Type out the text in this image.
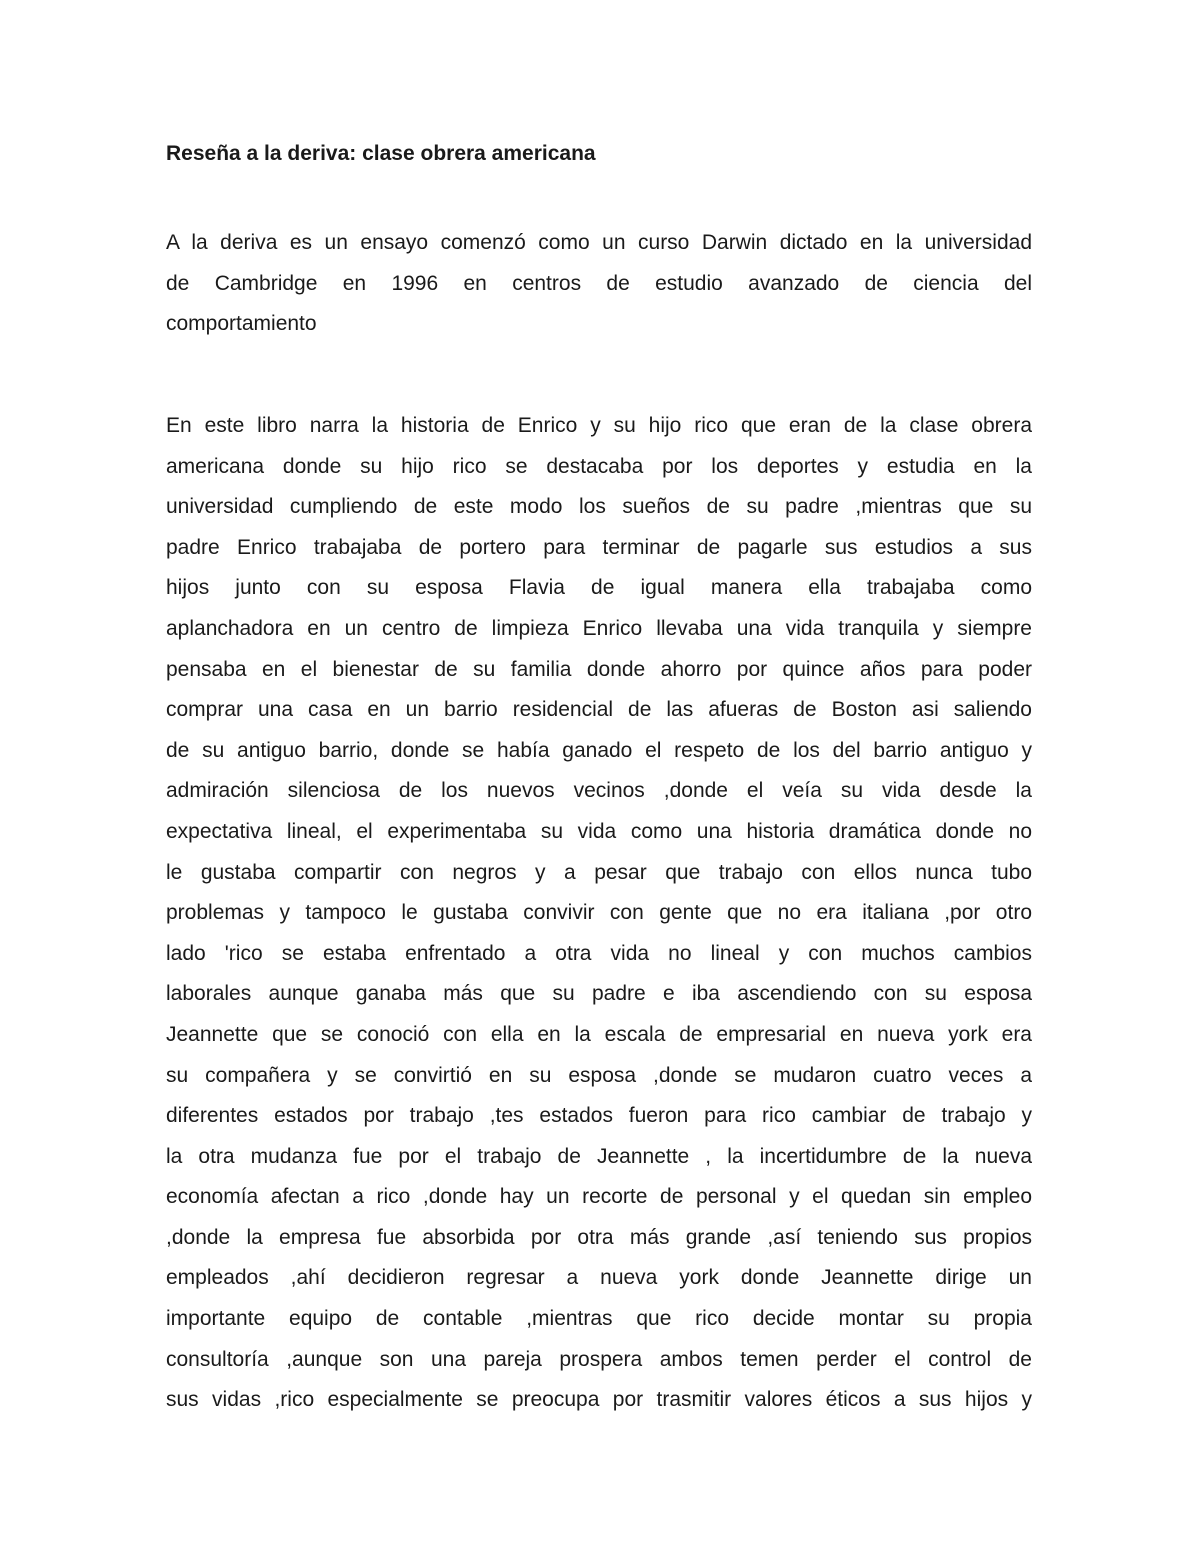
Reseña a la deriva: clase obrera americana
A la deriva es un ensayo comenzó como un curso Darwin dictado en la universidad
de Cambridge en 1996 en centros de estudio avanzado de ciencia del
comportamiento
En este libro narra la historia de Enrico y su hijo rico que eran de la clase obrera
americana donde su hijo rico se destacaba por los deportes y estudia en la
universidad cumpliendo de este modo los sueños de su padre ,mientras que su
padre Enrico trabajaba de portero para terminar de pagarle sus estudios a sus
hijos junto con su esposa Flavia de igual manera ella trabajaba como
aplanchadora en un centro de limpieza Enrico llevaba una vida tranquila y siempre
pensaba en el bienestar de su familia donde ahorro por quince años para poder
comprar una casa en un barrio residencial de las afueras de Boston asi saliendo
de su antiguo barrio, donde se había ganado el respeto de los del barrio antiguo y
admiración silenciosa de los nuevos vecinos ,donde el veía su vida desde la
expectativa lineal, el experimentaba su vida como una historia dramática donde no
le gustaba compartir con negros y a pesar que trabajo con ellos nunca tubo
problemas y tampoco le gustaba convivir con gente que no era italiana ,por otro
lado 'rico se estaba enfrentado a otra vida no lineal y con muchos cambios
laborales aunque ganaba más que su padre e iba ascendiendo con su esposa
Jeannette que se conoció con ella en la escala de empresarial en nueva york era
su compañera y se convirtió en su esposa ,donde se mudaron cuatro veces a
diferentes estados por trabajo ,tes estados fueron para rico cambiar de trabajo y
la otra mudanza fue por el trabajo de Jeannette , la incertidumbre de la nueva
economía afectan a rico ,donde hay un recorte de personal y el quedan sin empleo
,donde la empresa fue absorbida por otra más grande ,así teniendo sus propios
empleados ,ahí decidieron regresar a nueva york donde Jeannette dirige un
importante equipo de contable ,mientras que rico decide montar su propia
consultoría ,aunque son una pareja prospera ambos temen perder el control de
sus vidas ,rico especialmente se preocupa por trasmitir valores éticos a sus hijos y
